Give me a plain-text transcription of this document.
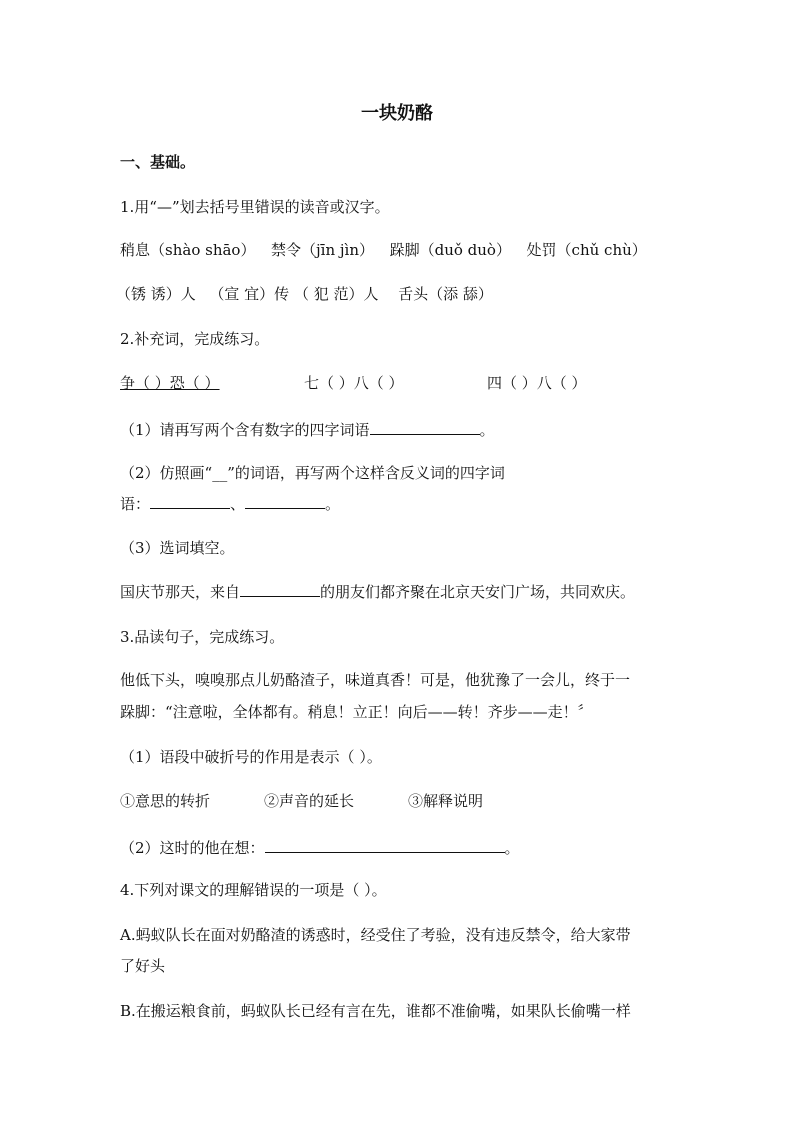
一块奶酪
一、基础。
1.用“—”划去括号里错误的读音或汉字。
稍息（shào shāo） 禁令（jīn jìn） 跺脚（duǒ duò） 处罚（chǔ chù）
（锈 诱）人 （宣 宜）传 （ 犯 范）人 舌头（添 舔）
2.补充词，完成练习。
争（ ）恐（ ）	七（ ）八（ ）	四（ ）八（ ）
（1）请再写两个含有数字的四字词语	。
（2）仿照画“__”的词语，再写两个这样含反义词的四字词
语：	、	。
（3）选词填空。
国庆节那天，来自	的朋友们都齐聚在北京天安门广场，共同欢庆。
3.品读句子，完成练习。
他低下头，嗅嗅那点儿奶酪渣子，味道真香！可是，他犹豫了一会儿，终于一
跺脚：“注意啦，全体都有。稍息！立正！向后——转！齐步——走！〞
（1）语段中破折号的作用是表示（ ）。
①意思的转折	②声音的延长	③解释说明
（2）这时的他在想：	。
4.下列对课文的理解错误的一项是（ ）。
A.蚂蚁队长在面对奶酪渣的诱惑时，经受住了考验，没有违反禁令，给大家带
了好头
B.在搬运粮食前，蚂蚁队长已经有言在先，谁都不准偷嘴，如果队长偷嘴一样
